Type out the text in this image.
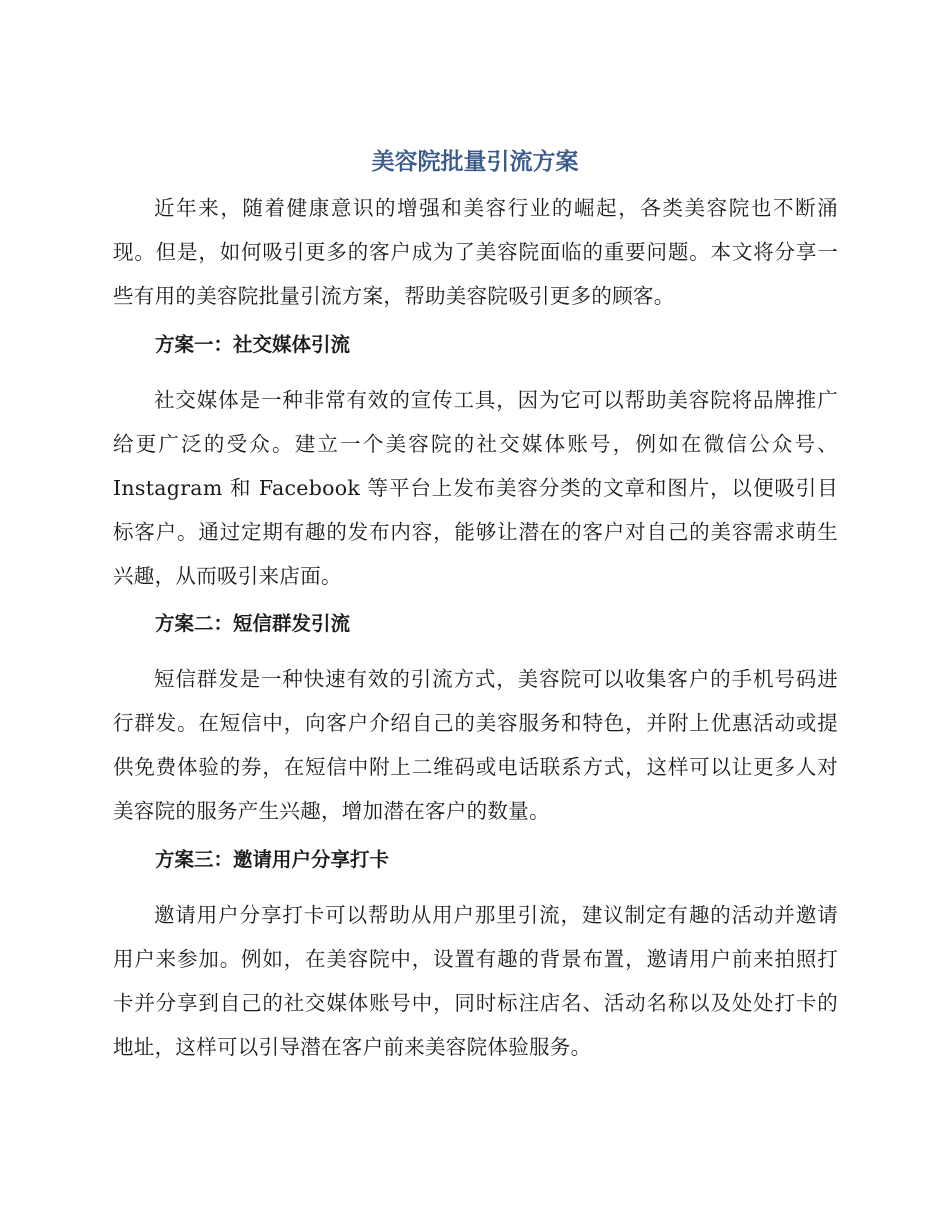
美容院批量引流方案

近年来，随着健康意识的增强和美容行业的崛起，各类美容院也不断涌现。但是，如何吸引更多的客户成为了美容院面临的重要问题。本文将分享一些有用的美容院批量引流方案，帮助美容院吸引更多的顾客。

方案一：社交媒体引流

社交媒体是一种非常有效的宣传工具，因为它可以帮助美容院将品牌推广给更广泛的受众。建立一个美容院的社交媒体账号，例如在微信公众号、Instagram 和 Facebook 等平台上发布美容分类的文章和图片，以便吸引目标客户。通过定期有趣的发布内容，能够让潜在的客户对自己的美容需求萌生兴趣，从而吸引来店面。

方案二：短信群发引流

短信群发是一种快速有效的引流方式，美容院可以收集客户的手机号码进行群发。在短信中，向客户介绍自己的美容服务和特色，并附上优惠活动或提供免费体验的券，在短信中附上二维码或电话联系方式，这样可以让更多人对美容院的服务产生兴趣，增加潜在客户的数量。

方案三：邀请用户分享打卡

邀请用户分享打卡可以帮助从用户那里引流，建议制定有趣的活动并邀请用户来参加。例如，在美容院中，设置有趣的背景布置，邀请用户前来拍照打卡并分享到自己的社交媒体账号中，同时标注店名、活动名称以及处处打卡的地址，这样可以引导潜在客户前来美容院体验服务。
